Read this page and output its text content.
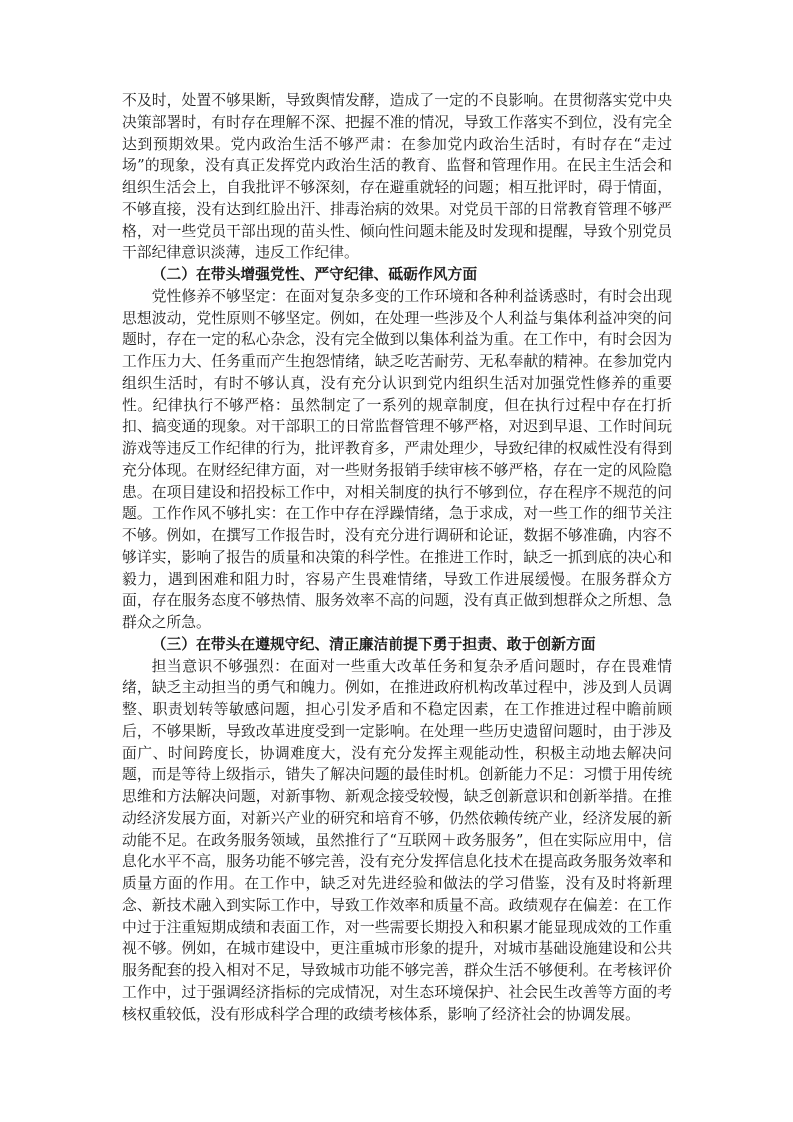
不及时，处置不够果断，导致舆情发酵，造成了一定的不良影响。在贯彻落实党中央决策部署时，有时存在理解不深、把握不准的情况，导致工作落实不到位，没有完全达到预期效果。党内政治生活不够严肃：在参加党内政治生活时，有时存在“走过场”的现象，没有真正发挥党内政治生活的教育、监督和管理作用。在民主生活会和组织生活会上，自我批评不够深刻，存在避重就轻的问题；相互批评时，碍于情面，不够直接，没有达到红脸出汗、排毒治病的效果。对党员干部的日常教育管理不够严格，对一些党员干部出现的苗头性、倾向性问题未能及时发现和提醒，导致个别党员干部纪律意识淡薄，违反工作纪律。

（二）在带头增强党性、严守纪律、砥砺作风方面

党性修养不够坚定：在面对复杂多变的工作环境和各种利益诱惑时，有时会出现思想波动，党性原则不够坚定。例如，在处理一些涉及个人利益与集体利益冲突的问题时，存在一定的私心杂念，没有完全做到以集体利益为重。在工作中，有时会因为工作压力大、任务重而产生抱怨情绪，缺乏吃苦耐劳、无私奉献的精神。在参加党内组织生活时，有时不够认真，没有充分认识到党内组织生活对加强党性修养的重要性。纪律执行不够严格：虽然制定了一系列的规章制度，但在执行过程中存在打折扣、搞变通的现象。对干部职工的日常监督管理不够严格，对迟到早退、工作时间玩游戏等违反工作纪律的行为，批评教育多，严肃处理少，导致纪律的权威性没有得到充分体现。在财经纪律方面，对一些财务报销手续审核不够严格，存在一定的风险隐患。在项目建设和招投标工作中，对相关制度的执行不够到位，存在程序不规范的问题。工作作风不够扎实：在工作中存在浮躁情绪，急于求成，对一些工作的细节关注不够。例如，在撰写工作报告时，没有充分进行调研和论证，数据不够准确，内容不够详实，影响了报告的质量和决策的科学性。在推进工作时，缺乏一抓到底的决心和毅力，遇到困难和阻力时，容易产生畏难情绪，导致工作进展缓慢。在服务群众方面，存在服务态度不够热情、服务效率不高的问题，没有真正做到想群众之所想、急群众之所急。

（三）在带头在遵规守纪、清正廉洁前提下勇于担责、敢于创新方面

担当意识不够强烈：在面对一些重大改革任务和复杂矛盾问题时，存在畏难情绪，缺乏主动担当的勇气和魄力。例如，在推进政府机构改革过程中，涉及到人员调整、职责划转等敏感问题，担心引发矛盾和不稳定因素，在工作推进过程中瞻前顾后，不够果断，导致改革进度受到一定影响。在处理一些历史遗留问题时，由于涉及面广、时间跨度长，协调难度大，没有充分发挥主观能动性，积极主动地去解决问题，而是等待上级指示，错失了解决问题的最佳时机。创新能力不足：习惯于用传统思维和方法解决问题，对新事物、新观念接受较慢，缺乏创新意识和创新举措。在推动经济发展方面，对新兴产业的研究和培育不够，仍然依赖传统产业，经济发展的新动能不足。在政务服务领域，虽然推行了“互联网＋政务服务”，但在实际应用中，信息化水平不高，服务功能不够完善，没有充分发挥信息化技术在提高政务服务效率和质量方面的作用。在工作中，缺乏对先进经验和做法的学习借鉴，没有及时将新理念、新技术融入到实际工作中，导致工作效率和质量不高。政绩观存在偏差：在工作中过于注重短期成绩和表面工作，对一些需要长期投入和积累才能显现成效的工作重视不够。例如，在城市建设中，更注重城市形象的提升，对城市基础设施建设和公共服务配套的投入相对不足，导致城市功能不够完善，群众生活不够便利。在考核评价工作中，过于强调经济指标的完成情况，对生态环境保护、社会民生改善等方面的考核权重较低，没有形成科学合理的政绩考核体系，影响了经济社会的协调发展。
